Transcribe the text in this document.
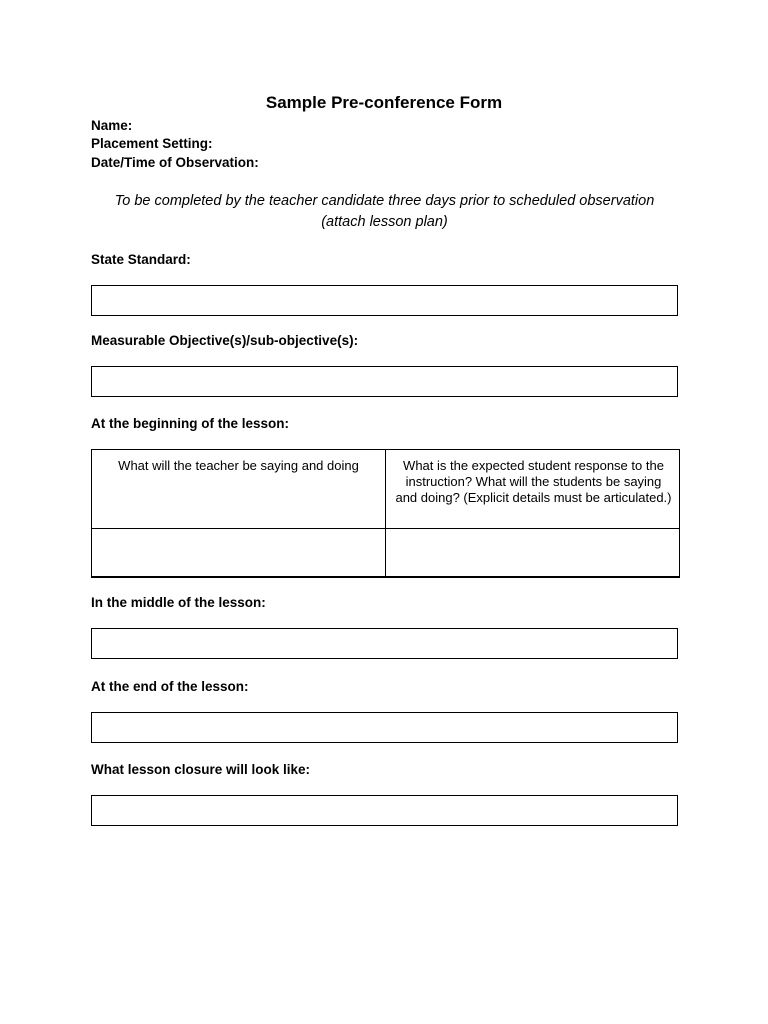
Sample Pre-conference Form
Name:
Placement Setting:
Date/Time of Observation:
To be completed by the teacher candidate three days prior to scheduled observation
(attach lesson plan)
State Standard:
Measurable Objective(s)/sub-objective(s):
At the beginning of the lesson:
What will the teacher be saying and doing	What is the expected student response to the instruction? What will the students be saying and doing? (Explicit details must be articulated.)

In the middle of the lesson:
At the end of the lesson:
What lesson closure will look like:
